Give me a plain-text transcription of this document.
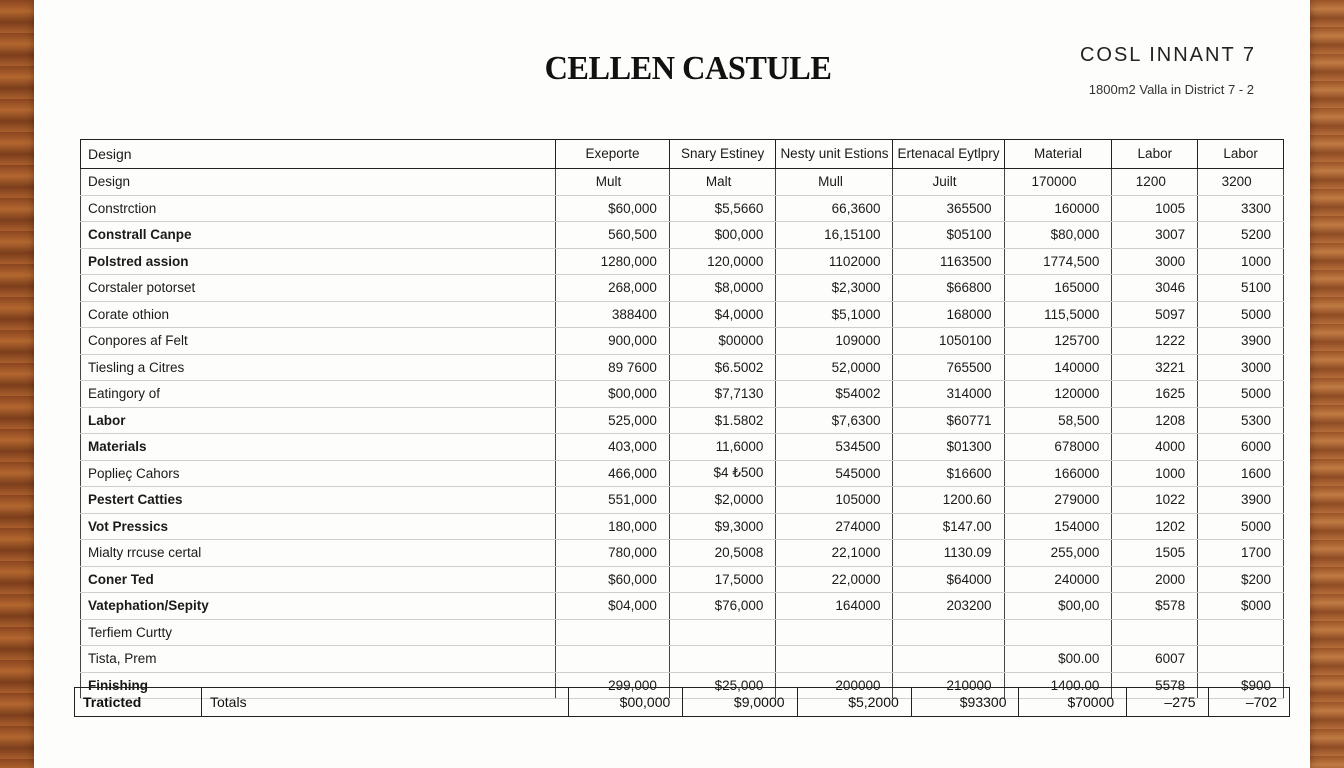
CELLEN CASTULE	COSL INNANT 7
1800m2 Valla in District 7 - 2
Design	Exeporte	Snary Estiney	Nesty unit Estions	Ertenacal Eytlpry	Material	Labor	Labor
Design	Mult	Malt	Mull	Juilt	170000	1200	3200
Constrction	$60,000	$5,5660	66,3600	365500	160000	1005	3300
Constrall Canpe	560,500	$00,000	16,15100	$05100	$80,000	3007	5200
Polstred assion	1280,000	120,0000	1102000	1163500	1774,500	3000	1000
Corstaler potorset	268,000	$8,0000	$2,3000	$66800	165000	3046	5100
Corate othion	388400	$4,0000	$5,1000	168000	115,5000	5097	5000
Conpores af Felt	900,000	$00000	109000	1050100	125700	1222	3900
Tiesling a Citres	89 7600	$6.5002	52,0000	765500	140000	3221	3000
Eatingory of	$00,000	$7,7130	$54002	314000	120000	1625	5000
Labor	525,000	$1.5802	$7,6300	$60771	58,500	1208	5300
Materials	403,000	11,6000	534500	$01300	678000	4000	6000
Poplieç Cahors	466,000	$4 ₺500	545000	$16600	166000	1000	1600
Pestert Catties	551,000	$2,0000	105000	1200.60	279000	1022	3900
Vot Pressics	180,000	$9,3000	274000	$147.00	154000	1202	5000
Mialty rrcuse certal	780,000	20,5008	22,1000	1130.09	255,000	1505	1700
Coner Ted	$60,000	17,5000	22,0000	$64000	240000	2000	$200
Vatephation/Sepity	$04,000	$76,000	164000	203200	$00,00	$578	$000
Terfiem Curtty							
Tista, Prem					$00.00	6007	
Finishing	299,000	$25,000	200000	210000	1400.00	5578	$900
Traticted	Totals	$00,000	$9,0000	$5,2000	$93300	$70000	–275	–702
